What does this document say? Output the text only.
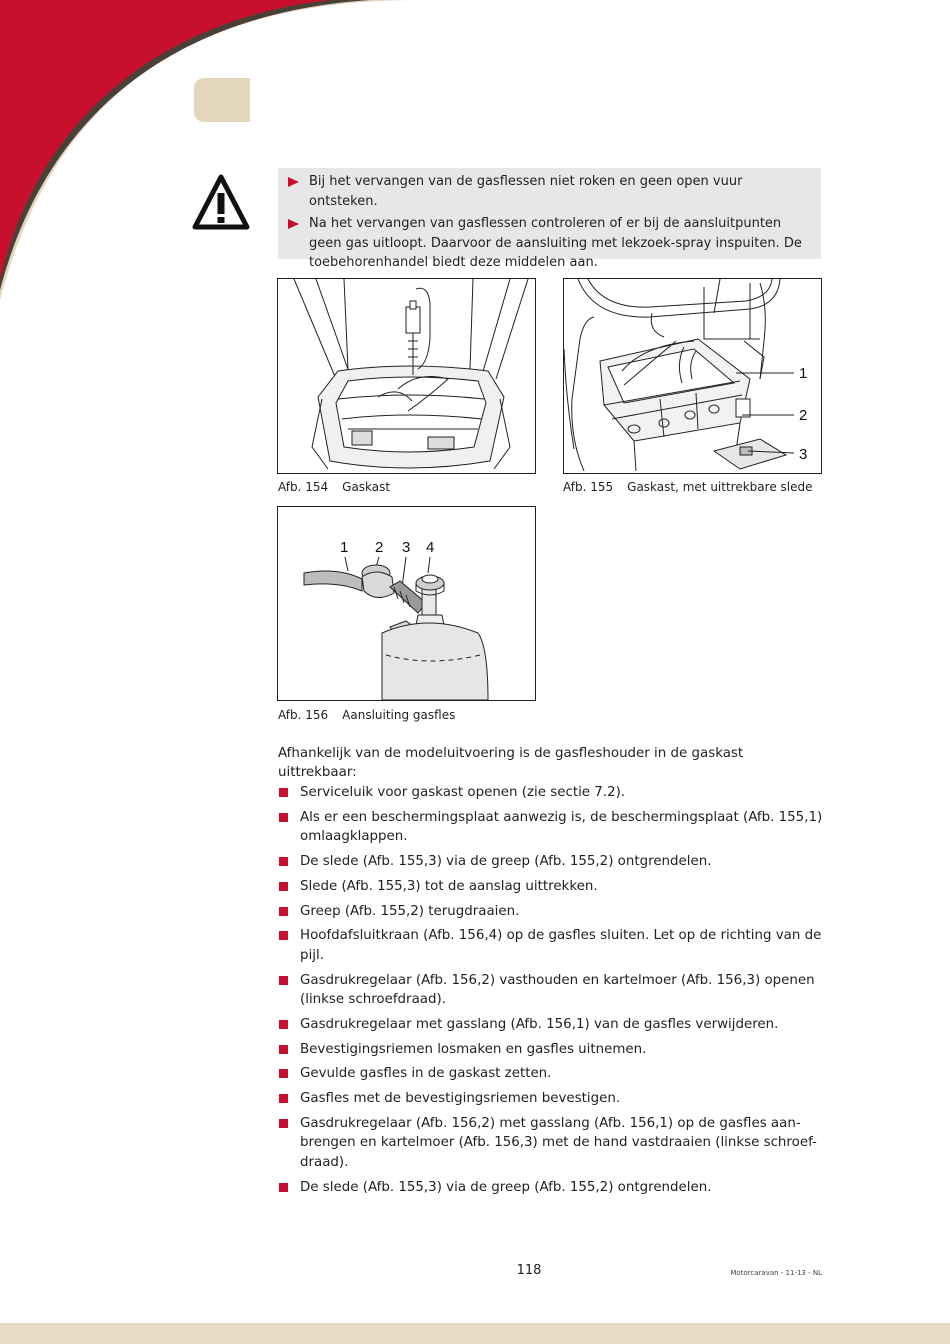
Bij het vervangen van de gasflessen niet roken en geen open vuur ontsteken.
Na het vervangen van gasflessen controleren of er bij de aansluitpunten geen gas uitloopt. Daarvoor de aansluiting met lekzoek-spray inspuiten. De toebehorenhandel biedt deze middelen aan.
Afb. 154 Gaskast
1
2
3
Afb. 155 Gaskast, met uittrekbare slede
1 2 3 4
Afb. 156 Aansluiting gasfles
Afhankelijk van de modeluitvoering is de gasfleshouder in de gaskast uittrekbaar:
Serviceluik voor gaskast openen (zie sectie 7.2).
Als er een beschermingsplaat aanwezig is, de beschermingsplaat (Afb. 155,1) omlaagklappen.
De slede (Afb. 155,3) via de greep (Afb. 155,2) ontgrendelen.
Slede (Afb. 155,3) tot de aanslag uittrekken.
Greep (Afb. 155,2) terugdraaien.
Hoofdafsluitkraan (Afb. 156,4) op de gasfles sluiten. Let op de richting van de pijl.
Gasdrukregelaar (Afb. 156,2) vasthouden en kartelmoer (Afb. 156,3) openen (linkse schroefdraad).
Gasdrukregelaar met gasslang (Afb. 156,1) van de gasfles verwijderen.
Bevestigingsriemen losmaken en gasfles uitnemen.
Gevulde gasfles in de gaskast zetten.
Gasfles met de bevestigingsriemen bevestigen.
Gasdrukregelaar (Afb. 156,2) met gasslang (Afb. 156,1) op de gasfles aan-brengen en kartelmoer (Afb. 156,3) met de hand vastdraaien (linkse schroef-draad).
De slede (Afb. 155,3) via de greep (Afb. 155,2) ontgrendelen.
118	Motorcaravan - 11-13 - NL
